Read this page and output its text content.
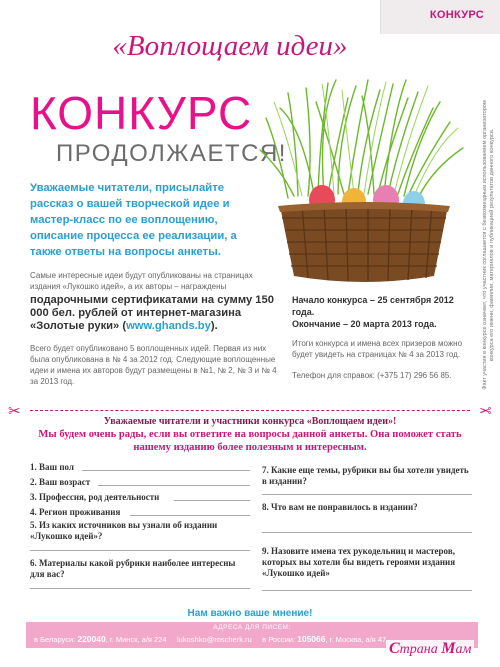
КОНКУРС
«Воплощаем идеи»
КОНКУРС
ПРОДОЛЖАЕТСЯ!
Уважаемые читатели, присылайте рассказ о вашей творческой идее и мастер-класс по ее воплощению, описание процесса ее реализации, а также ответы на вопросы анкеты.

Самые интересные идеи будут опубликованы на страницах издания «Лукошко идей», а их авторы – награждены

подарочными сертификатами на сумму 150 000 бел. рублей от интернет-магазина «Золотые руки» (www.ghands.by).

Всего будет опубликовано 5 воплощенных идей. Первая из них была опубликована в № 4 за 2012 год. Следующие воплощенные идеи и имена их авторов будут размещены в №1, № 2, № 3 и № 4 за 2013 год.

Начало конкурса – 25 сентября 2012 года.
Окончание – 20 марта 2013 года.
Итоги конкурса и имена всех призеров можно будет увидеть на страницах № 4 за 2013 год.
Телефон для справок: (+375 17) 296 56 85.	Факт участия в конкурсе означает, что участник соглашается с безвозмездным использованием организатором конкурса его имени, фамилии, материалов и публикацией результатов данного конкурса.
✂	✂
Уважаемые читатели и участники конкурса «Воплощаем идеи»!
Мы будем очень рады, если вы ответите на вопросы данной анкеты. Она поможет стать нашему изданию более полезным и интересным.
1. Ваш пол
2. Ваш возраст
3. Профессия, род деятельности
4. Регион проживания
5. Из каких источников вы узнали об издании «Лукошко идей»?
6. Материалы какой рубрики наиболее интересны для вас?
7. Какие еще темы, рубрики вы бы хотели увидеть в издании?
8. Что вам не понравилось в издании?
9. Назовите имена тех рукодельниц и мастеров, которых вы хотели бы видеть героями издания «Лукошко идей»
Нам важно ваше мнение!
АДРЕСА ДЛЯ ПИСЕМ:
в Беларуси: 220040, г. Минск, а/я 224 lukoshko@roscherk.ru в России: 105066, г. Москва, а/я 47
Страна Мам
